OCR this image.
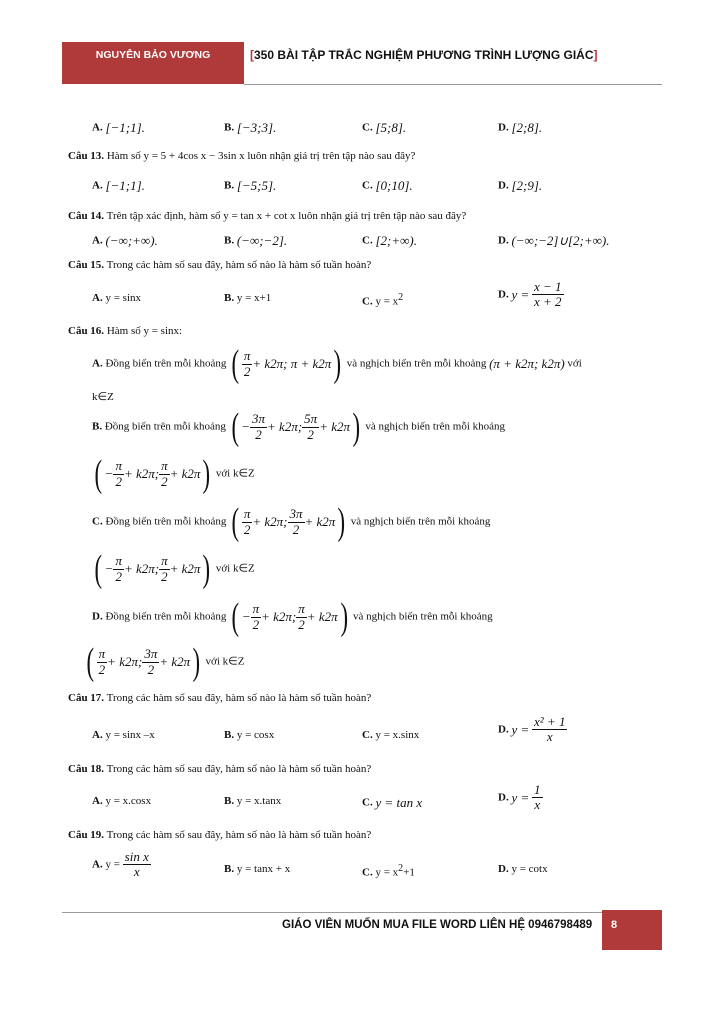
NGUYỄN BẢO VƯƠNG	[350 BÀI TẬP TRẮC NGHIỆM PHƯƠNG TRÌNH LƯỢNG GIÁC]
A. [−1;1].	B. [−3;3].	C. [5;8].	D. [2;8].
Câu 13. Hàm số y = 5 + 4cos x − 3sin x luôn nhận giá trị trên tập nào sau đây?
A. [−1;1].	B. [−5;5].	C. [0;10].	D. [2;9].
Câu 14. Trên tập xác định, hàm số y = tan x + cot x luôn nhận giá trị trên tập nào sau đây?
A. (−∞;+∞).	B. (−∞;−2].	C. [2;+∞).	D. (−∞;−2]∪[2;+∞).
Câu 15. Trong các hàm số sau đây, hàm số nào là hàm số tuần hoàn?
A. y = sinx	B. y = x+1	C. $y = x^2$	D. $y = \frac{x - 1}{x + 2}$
Câu 16. Hàm số y = sinx:
A. Đồng biến trên mỗi khoảng ( $\frac{\pi}{2} + k2\pi$; π + k2π) và nghịch biến trên mỗi khoảng (π + k2π; k2π) với
k∈Z
B. Đồng biến trên mỗi khoảng ( − $\frac{3\pi}{2} + k2\pi$; $\frac{5\pi}{2} + k2\pi$) và nghịch biến trên mỗi khoảng
( − $\frac{\pi}{2} + k2\pi$; $\frac{\pi}{2} + k2\pi$) với k∈Z
C. Đồng biến trên mỗi khoảng ( $\frac{\pi}{2} + k2\pi$; $\frac{3\pi}{2} + k2\pi$) và nghịch biến trên mỗi khoảng
( − $\frac{\pi}{2} + k2\pi$; $\frac{\pi}{2} + k2\pi$) với k∈Z
D. Đồng biến trên mỗi khoảng ( − $\frac{\pi}{2} + k2\pi$; $\frac{\pi}{2} + k2\pi$) và nghịch biến trên mỗi khoảng
( $\frac{\pi}{2} + k2\pi$; $\frac{3\pi}{2} + k2\pi$) với k∈Z
Câu 17. Trong các hàm số sau đây, hàm số nào là hàm số tuần hoàn?
A. y = sinx –x	B. y = cosx	C. y = x.sinx	D. $y = \frac{\text{x² + 1}}{x}$
Câu 18. Trong các hàm số sau đây, hàm số nào là hàm số tuần hoàn?
A. y = x.cosx	B. y = x.tanx	C. y = tan x	D. $y = \frac{1}{x}$
Câu 19. Trong các hàm số sau đây, hàm số nào là hàm số tuần hoàn?
A. $y = \frac{\text{sin x}}{x}$	B. y = tanx + x	C. $y = x^2+1$	D. y = cotx
GIÁO VIÊN MUỐN MUA FILE WORD LIÊN HỆ 0946798489	8
